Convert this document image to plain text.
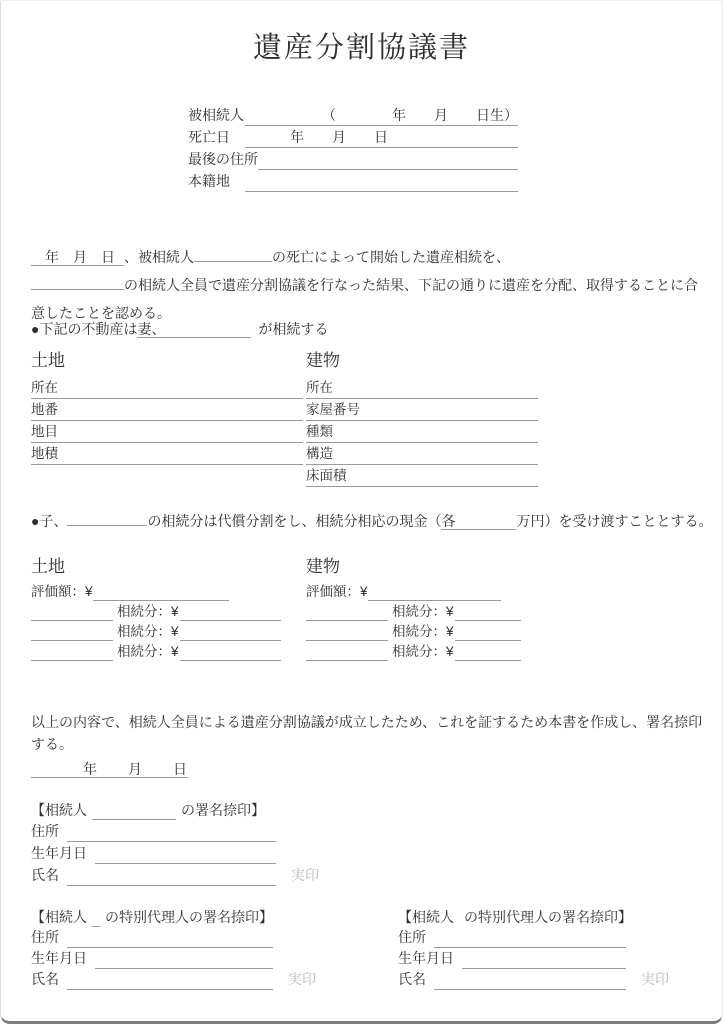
遺産分割協議書
被相続人	（　　　　年　　月　　日生）
死亡日	年　　月　　日
最後の住所
本籍地
年　月　日 、被相続人	の死亡によって開始した遺産相続を、
の相続人全員で遺産分割協議を行なった結果、下記の通りに遺産を分配、取得することに合意したことを認める。
●下記の不動産は妻、	が相続する
土地
所在
地番
地目
地積
建物
所在
家屋番号
種類
構造
床面積
●子、	の相続分は代償分割をし、相続分相応の現金（各	万円）を受け渡すこととする。
土地
評価額：¥
相続分：¥
相続分：¥
相続分：¥
建物
評価額：¥
相続分：¥
相続分：¥
相続分：¥
以上の内容で、相続人全員による遺産分割協議が成立したため、これを証するため本書を作成し、署名捺印する。
年　　月　　日
【相続人	の署名捺印】
住所
生年月日
氏名	実印
【相続人 の特別代理人の署名捺印】
住所
生年月日
氏名	実印
【相続人 の特別代理人の署名捺印】
住所
生年月日
氏名	実印
